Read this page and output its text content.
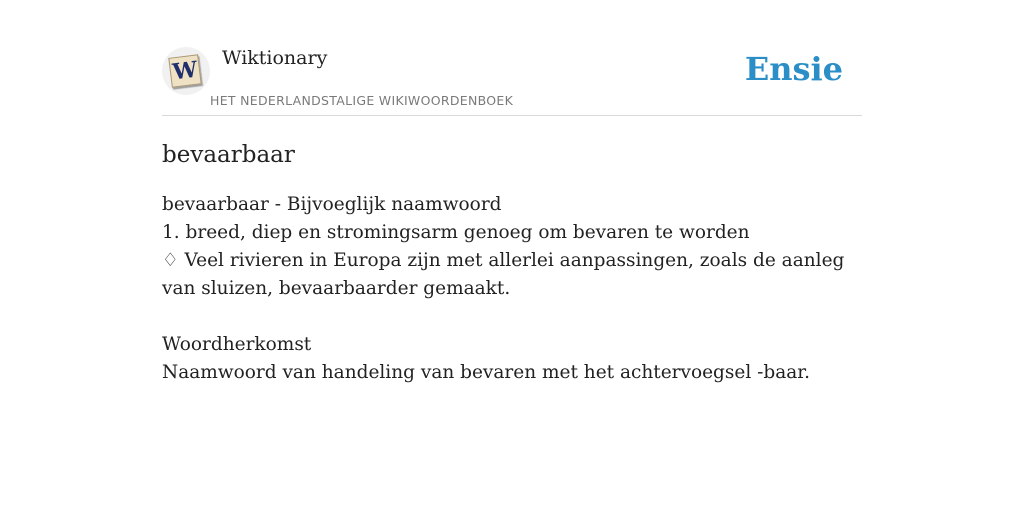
W Wiktionary
HET NEDERLANDSTALIGE WIKIWOORDENBOEK
Ensie
bevaarbaar

bevaarbaar - Bijvoeglijk naamwoord

1. breed, diep en stromingsarm genoeg om bevaren te worden

♢ Veel rivieren in Europa zijn met allerlei aanpassingen, zoals de aanleg van sluizen, bevaarbaarder gemaakt.

Woordherkomst

Naamwoord van handeling van bevaren met het achtervoegsel -baar.
